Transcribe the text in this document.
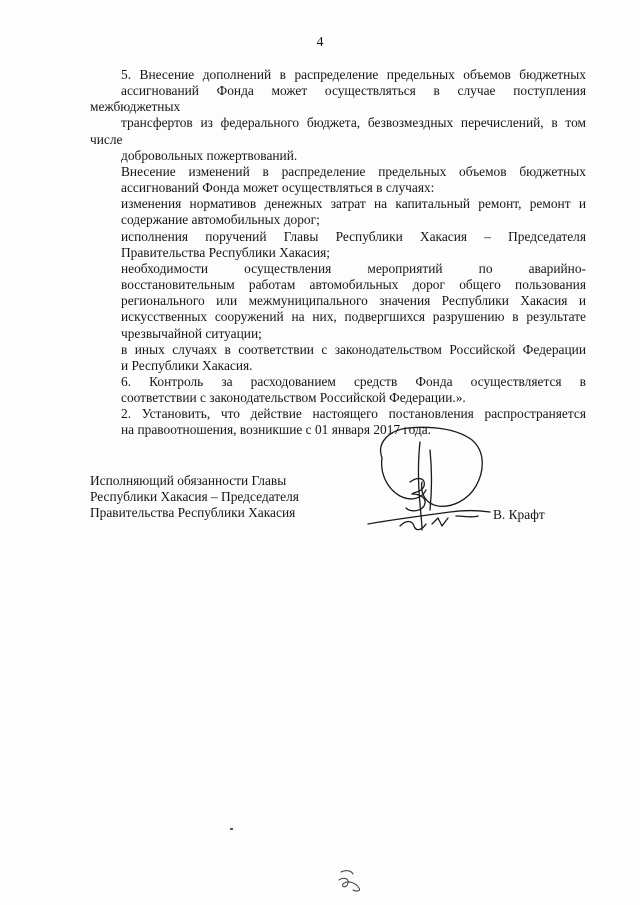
4
5. Внесение дополнений в распределение предельных объемов бюджетных
ассигнований Фонда может осуществляться в случае поступления межбюджетных
трансфертов из федерального бюджета, безвозмездных перечислений, в том числе
добровольных пожертвований.
Внесение изменений в распределение предельных объемов бюджетных
ассигнований Фонда может осуществляться в случаях:
изменения нормативов денежных затрат на капитальный ремонт, ремонт и
содержание автомобильных дорог;
исполнения поручений Главы Республики Хакасия – Председателя
Правительства Республики Хакасия;
необходимости осуществления мероприятий по аварийно-
восстановительным работам автомобильных дорог общего пользования
регионального или межмуниципального значения Республики Хакасия и
искусственных сооружений на них, подвергшихся разрушению в результате
чрезвычайной ситуации;
в иных случаях в соответствии с законодательством Российской Федерации
и Республики Хакасия.
6. Контроль за расходованием средств Фонда осуществляется в
соответствии с законодательством Российской Федерации.».
2. Установить, что действие настоящего постановления распространяется
на правоотношения, возникшие с 01 января 2017 года.
Исполняющий обязанности Главы
Республики Хакасия – Председателя
Правительства Республики Хакасия	В. Крафт
